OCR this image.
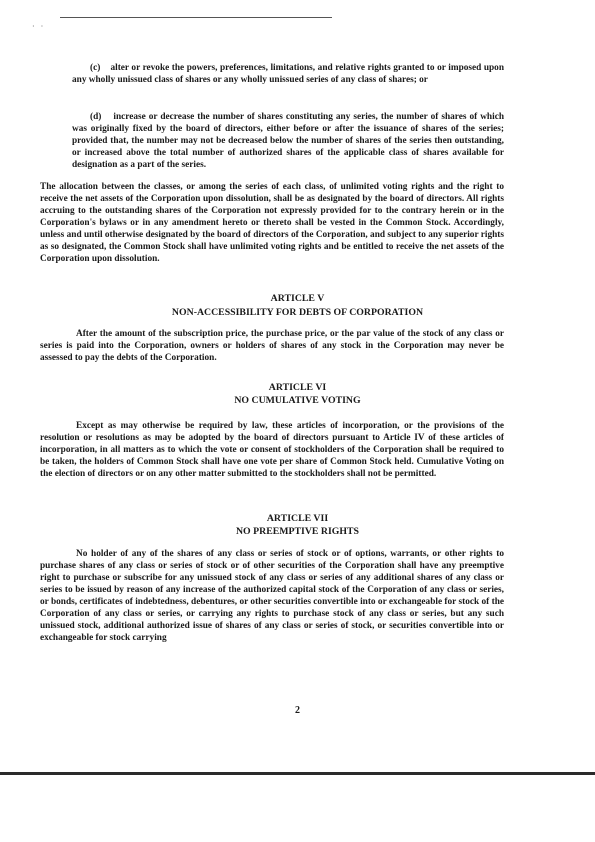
· ·

(c)    alter or revoke the powers, preferences, limitations, and relative rights granted to or imposed upon any wholly unissued class of shares or any wholly unissued series of any class of shares; or

(d)    increase or decrease the number of shares constituting any series, the number of shares of which was originally fixed by the board of directors, either before or after the issuance of shares of the series; provided that, the number may not be decreased below the number of shares of the series then outstanding, or increased above the total number of authorized shares of the applicable class of shares available for designation as a part of the series.

The allocation between the classes, or among the series of each class, of unlimited voting rights and the right to receive the net assets of the Corporation upon dissolution, shall be as designated by the board of directors. All rights accruing to the outstanding shares of the Corporation not expressly provided for to the contrary herein or in the Corporation's bylaws or in any amendment hereto or thereto shall be vested in the Common Stock. Accordingly, unless and until otherwise designated by the board of directors of the Corporation, and subject to any superior rights as so designated, the Common Stock shall have unlimited voting rights and be entitled to receive the net assets of the Corporation upon dissolution.

ARTICLE V
NON-ACCESSIBILITY FOR DEBTS OF CORPORATION

After the amount of the subscription price, the purchase price, or the par value of the stock of any class or series is paid into the Corporation, owners or holders of shares of any stock in the Corporation may never be assessed to pay the debts of the Corporation.

ARTICLE VI
NO CUMULATIVE VOTING

Except as may otherwise be required by law, these articles of incorporation, or the provisions of the resolution or resolutions as may be adopted by the board of directors pursuant to Article IV of these articles of incorporation, in all matters as to which the vote or consent of stockholders of the Corporation shall be required to be taken, the holders of Common Stock shall have one vote per share of Common Stock held. Cumulative Voting on the election of directors or on any other matter submitted to the stockholders shall not be permitted.

ARTICLE VII
NO PREEMPTIVE RIGHTS

No holder of any of the shares of any class or series of stock or of options, warrants, or other rights to purchase shares of any class or series of stock or of other securities of the Corporation shall have any preemptive right to purchase or subscribe for any unissued stock of any class or series of any additional shares of any class or series to be issued by reason of any increase of the authorized capital stock of the Corporation of any class or series, or bonds, certificates of indebtedness, debentures, or other securities convertible into or exchangeable for stock of the Corporation of any class or series, or carrying any rights to purchase stock of any class or series, but any such unissued stock, additional authorized issue of shares of any class or series of stock, or securities convertible into or exchangeable for stock carrying

2
